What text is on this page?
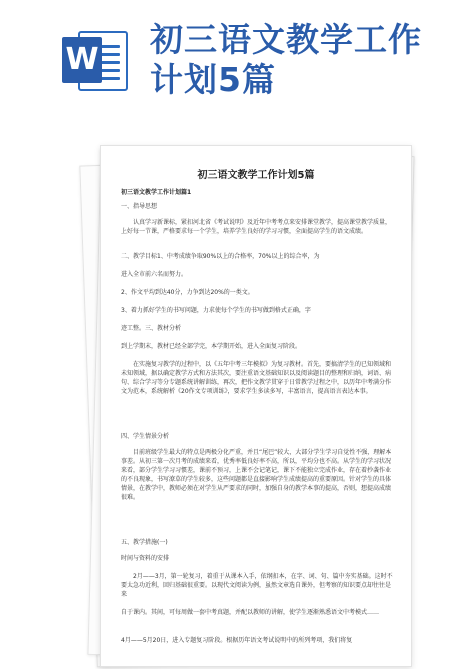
W
初三语文教学工作
计划5篇
初三语文教学工作计划5篇
初三语文教学工作计划篇1
一、指导思想
认真学习新课标，紧扣河北省《考试说明》及近年中考考点来安排课堂教学，提高课堂教学质量，上好每一节课，严格要求每一个学生，培养学生良好的学习习惯，全面提高学生的语文成绩。
二、教学目标1、中考成绩争取90%以上的合格率，70%以上的综合率，为
进入全市前六名而努力。
2、作文平均到达40分，力争到达20%的一类文。
3、着力抓好学生的书写问题，力求使每个学生的书写做到格式正确，字
迹工整。三、教材分析
到上学期末，教材已经全部学完，本学期开始，进入全面复习阶段。
在实施复习教学的过程中，以《五年中考三年模拟》为复习教材。首先，要搞清学生的已知领域和未知领域，据以确定教学方式和方法其次，要注重语文基础知识以及阅读题目的整理和归纳，词语、病句、综合学习等分专题系统讲解训练，再次，把作文教学贯穿于日常教学过程之中，以历年中考满分作文为范本，系统解析《20作文专项训练》，要求学生多读多写，丰富语言，提高语言表达本事。
四、学生情景分析
目前班级学生最大的特点是两极分化严重，并且“尾巴”较大，大部分学生学习自觉性不强，理解本事差。从初三第一次月考的成绩来看，优秀率低良好率不高，所以，平均分也不高。从学生的学习状况来看，部分学生学习习惯差，课前不预习，上课不会记笔记，课下不能独立完成作业，存在着抄袭作业的不良现象，书写潦草的学生较多，这些问题都是直接影响学生成绩提高的重要原因。针对学生的具体情景，在教学中，教师必须在对学生从严要求的同时，加强自身的教学本事的提高，否则，想提高成绩很难。
五、教学措施(一)
时间与资料的安排
2月——3月，第一轮复习，着重于从课本入手，依纲扣本，在字、词、句、篇中夯实基础。这时不要太急功近利，回归基础很重要。以现代文阅读为例，虽然文章选自课外，但考察的知识要点却往往是来
自于课内。其间，可每周做一套中考真题，并配以教师的讲解，使学生逐渐熟悉语文中考模式……
4月——5月20日，进入专题复习阶段。根据历年语文考试说明中的所列考项，我们将复
